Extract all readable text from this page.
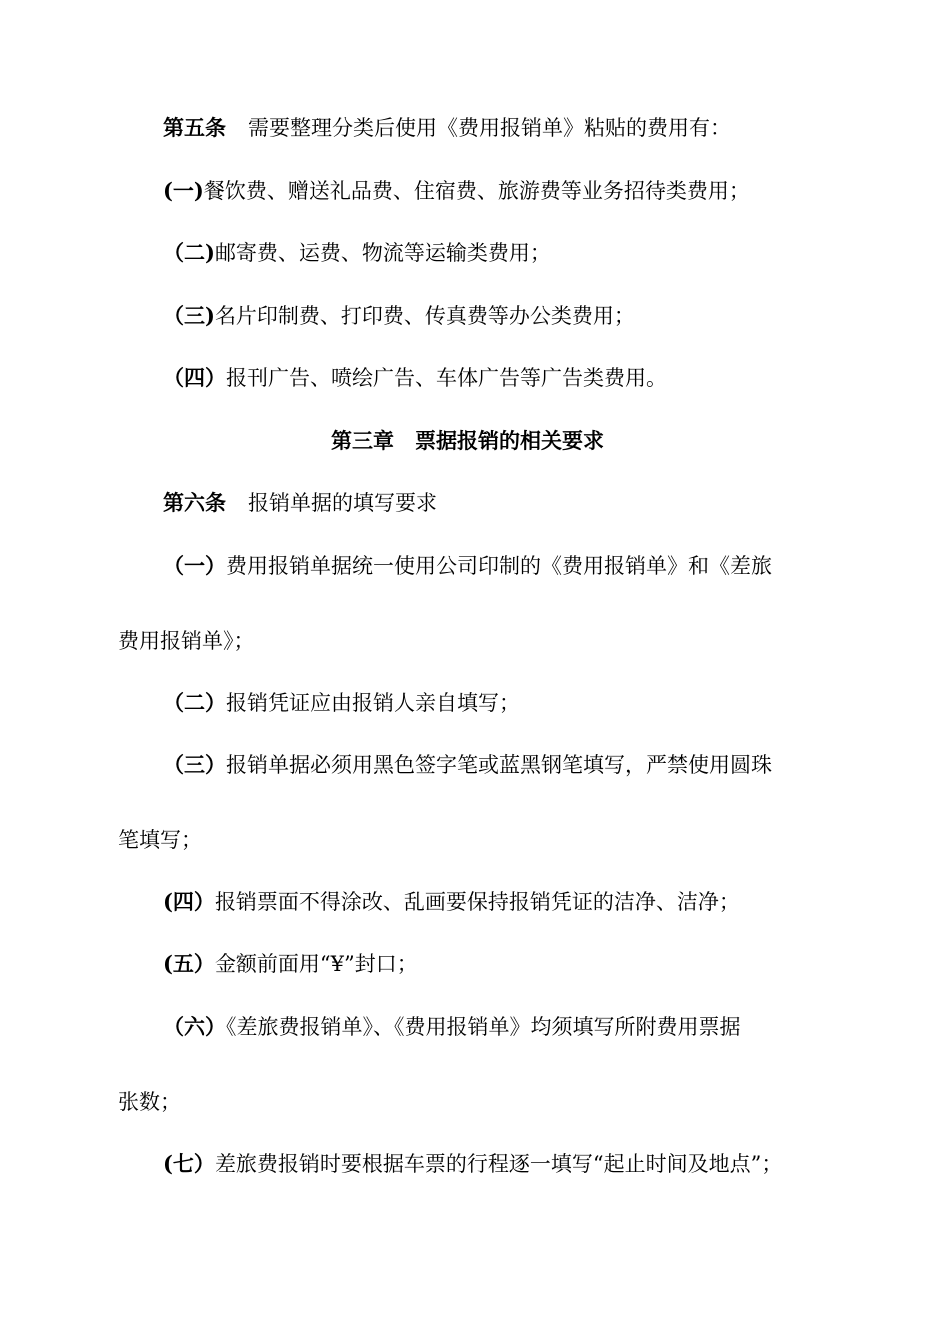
第五条 需要整理分类后使用《费用报销单》粘贴的费用有：
(一)餐饮费、赠送礼品费、住宿费、旅游费等业务招待类费用；
（二)邮寄费、运费、物流等运输类费用；
（三)名片印制费、打印费、传真费等办公类费用；
（四）报刊广告、喷绘广告、车体广告等广告类费用。
第三章　票据报销的相关要求
第六条 报销单据的填写要求
（一）费用报销单据统一使用公司印制的《费用报销单》和《差旅
费用报销单》；
（二）报销凭证应由报销人亲自填写；
（三）报销单据必须用黑色签字笔或蓝黑钢笔填写，严禁使用圆珠
笔填写；
(四）报销票面不得涂改、乱画要保持报销凭证的洁净、洁净；
(五）金额前面用“¥”封口；
（六）《差旅费报销单》、《费用报销单》均须填写所附费用票据
张数；
(七）差旅费报销时要根据车票的行程逐一填写“起止时间及地点”；
